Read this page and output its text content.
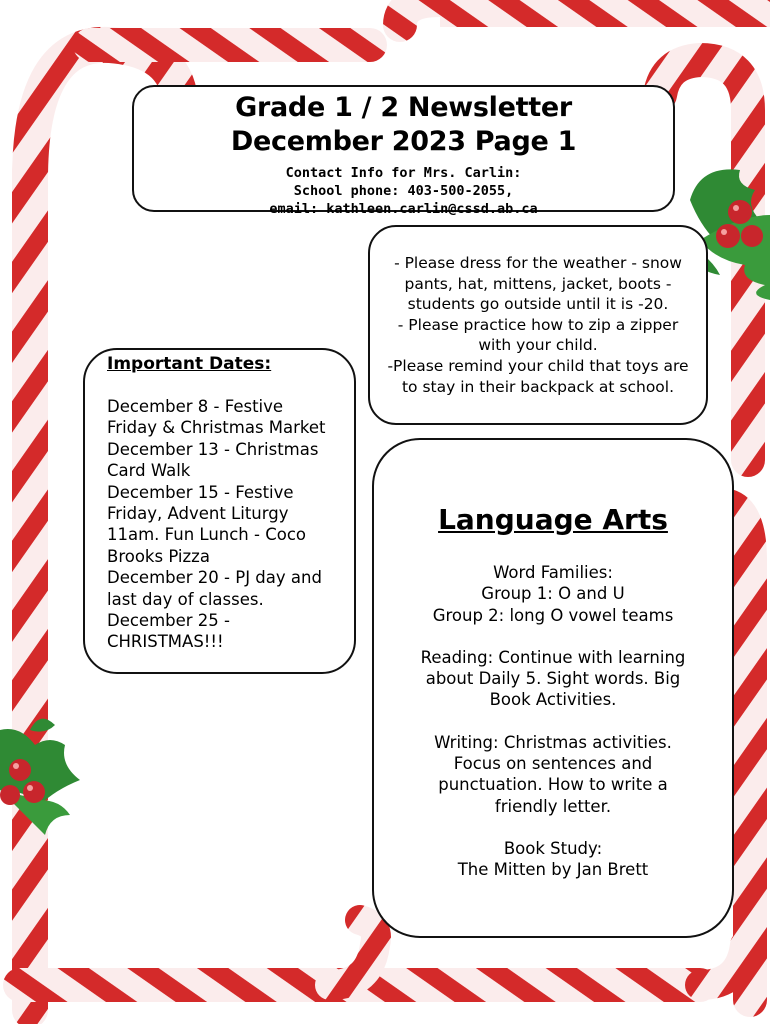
Grade 1 / 2 Newsletter

December 2023 Page 1

Contact Info for Mrs. Carlin:

School phone: 403-500-2055,

email: kathleen.carlin@cssd.ab.ca

- Please dress for the weather - snow

pants, hat, mittens, jacket, boots -

students go outside until it is -20.

- Please practice how to zip a zipper

with your child.

-Please remind your child that toys are

to stay in their backpack at school.

Important Dates:

December 8 - Festive

Friday & Christmas Market

December 13 - Christmas

Card Walk

December 15 - Festive

Friday, Advent Liturgy

11am. Fun Lunch - Coco

Brooks Pizza

December 20 - PJ day and

last day of classes.

December 25 -

CHRISTMAS!!!

Language Arts

Word Families:

Group 1: O and U

Group 2: long O vowel teams

Reading: Continue with learning

about Daily 5. Sight words. Big

Book Activities.

Writing: Christmas activities.

Focus on sentences and

punctuation. How to write a

friendly letter.

Book Study:

The Mitten by Jan Brett
